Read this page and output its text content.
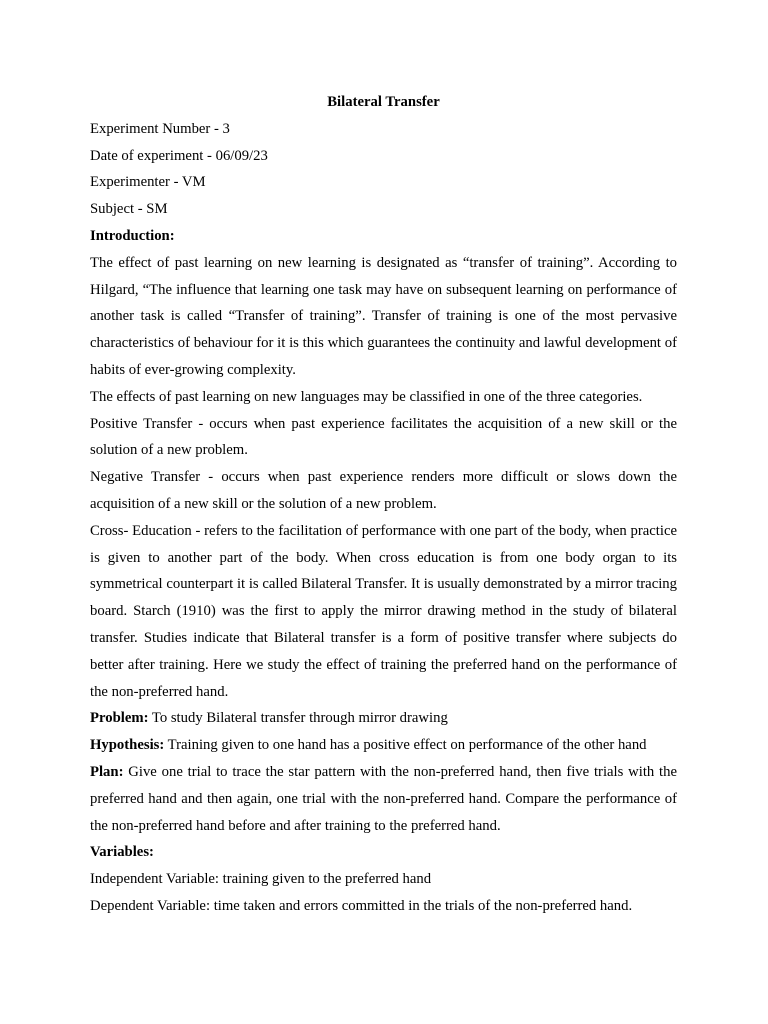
Bilateral Transfer

Experiment Number - 3

Date of experiment - 06/09/23

Experimenter - VM

Subject - SM

Introduction:

The effect of past learning on new learning is designated as “transfer of training”. According to Hilgard, “The influence that learning one task may have on subsequent learning on performance of another task is called “Transfer of training”. Transfer of training is one of the most pervasive characteristics of behaviour for it is this which guarantees the continuity and lawful development of habits of ever-growing complexity.

The effects of past learning on new languages may be classified in one of the three categories.

Positive Transfer - occurs when past experience facilitates the acquisition of a new skill or the solution of a new problem.

Negative Transfer - occurs when past experience renders more difficult or slows down the acquisition of a new skill or the solution of a new problem.

Cross- Education - refers to the facilitation of performance with one part of the body, when practice is given to another part of the body. When cross education is from one body organ to its symmetrical counterpart it is called Bilateral Transfer. It is usually demonstrated by a mirror tracing board. Starch (1910) was the first to apply the mirror drawing method in the study of bilateral transfer. Studies indicate that Bilateral transfer is a form of positive transfer where subjects do better after training. Here we study the effect of training the preferred hand on the performance of the non-preferred hand.

Problem: To study Bilateral transfer through mirror drawing

Hypothesis: Training given to one hand has a positive effect on performance of the other hand

Plan: Give one trial to trace the star pattern with the non-preferred hand, then five trials with the preferred hand and then again, one trial with the non-preferred hand. Compare the performance of the non-preferred hand before and after training to the preferred hand.

Variables:

Independent Variable: training given to the preferred hand

Dependent Variable: time taken and errors committed in the trials of the non-preferred hand.
